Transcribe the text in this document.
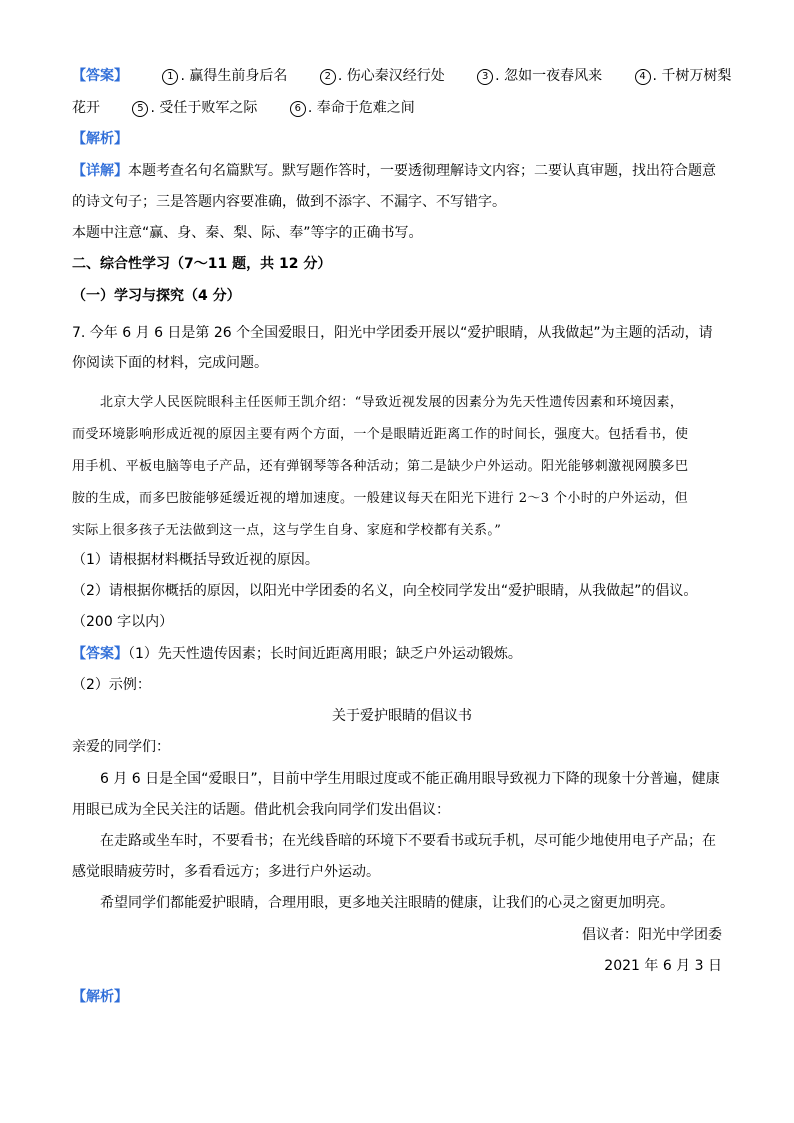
【答案】	1 . 赢得生前身后名	2 . 伤心秦汉经行处	3 . 忽如一夜春风来	4 . 千树万树梨
花开	5 . 受任于败军之际	6 . 奉命于危难之间
【解析】
【详解】本题考查名句名篇默写。默写题作答时，一要透彻理解诗文内容；二要认真审题，找出符合题意
的诗文句子；三是答题内容要准确，做到不添字、不漏字、不写错字。
本题中注意“赢、身、秦、梨、际、奉”等字的正确书写。
二、综合性学习（7～11 题，共 12 分）
（一）学习与探究（4 分）
7. 今年 6 月 6 日是第 26 个全国爱眼日，阳光中学团委开展以“爱护眼睛，从我做起”为主题的活动，请
你阅读下面的材料，完成问题。
北京大学人民医院眼科主任医师王凯介绍：“导致近视发展的因素分为先天性遗传因素和环境因素，
而受环境影响形成近视的原因主要有两个方面，一个是眼睛近距离工作的时间长，强度大。包括看书，使
用手机、平板电脑等电子产品，还有弹钢琴等各种活动；第二是缺少户外运动。阳光能够刺激视网膜多巴
胺的生成，而多巴胺能够延缓近视的增加速度。一般建议每天在阳光下进行 2～3 个小时的户外运动，但
实际上很多孩子无法做到这一点，这与学生自身、家庭和学校都有关系。”
（1）请根据材料概括导致近视的原因。
（2）请根据你概括的原因，以阳光中学团委的名义，向全校同学发出“爱护眼睛，从我做起”的倡议。
（200 字以内）
【答案】（1）先天性遗传因素；长时间近距离用眼；缺乏户外运动锻炼。
（2）示例：
关于爱护眼睛的倡议书
亲爱的同学们：
6 月 6 日是全国“爱眼日”，目前中学生用眼过度或不能正确用眼导致视力下降的现象十分普遍，健康
用眼已成为全民关注的话题。借此机会我向同学们发出倡议：
在走路或坐车时，不要看书；在光线昏暗的环境下不要看书或玩手机，尽可能少地使用电子产品；在
感觉眼睛疲劳时，多看看远方；多进行户外运动。
希望同学们都能爱护眼睛，合理用眼，更多地关注眼睛的健康，让我们的心灵之窗更加明亮。
倡议者：阳光中学团委
2021 年 6 月 3 日
【解析】
